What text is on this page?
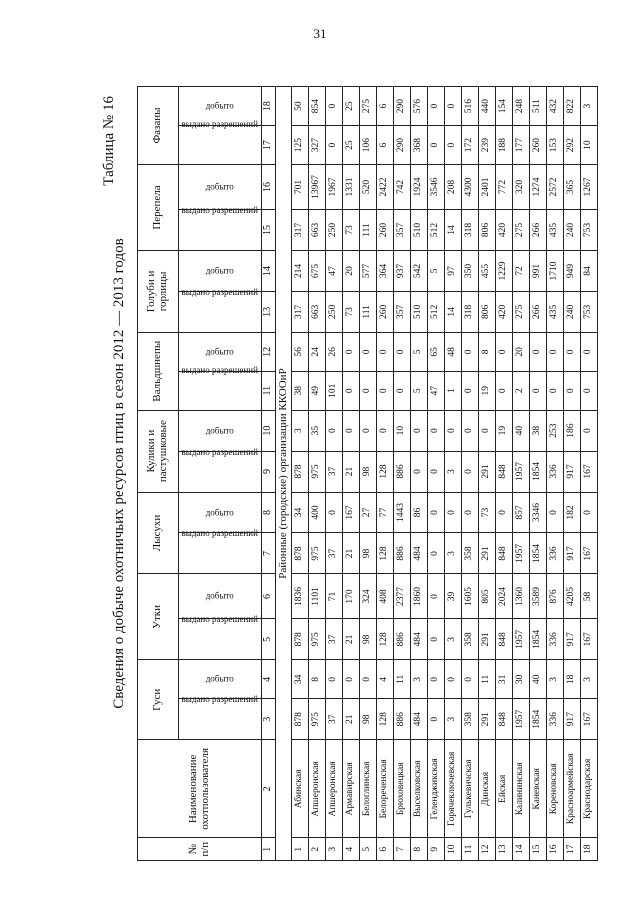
31
Таблица № 16
Сведения о добыче охотничьих ресурсов птиц в сезон 2012 — 2013 годов
№ п/п	Наименование охотпользователя	Гуси		Утки		Лысухи		Кулики и пастушковые		Вальдшнепы		Голуби и горлицы		Перепела		Фазаны	
		выдано разрешений	добыто	выдано разрешений	добыто	выдано разрешений	добыто	выдано разрешений	добыто	выдано разрешений	добыто	выдано разрешений	добыто	выдано разрешений	добыто	выдано разрешений	добыто
1	2	3	4	5	6	7	8	9	10	11	12	13	14	15	16	17	18
Районные (городские) организации ККООиР																	
1	Абинская	878	34	878	1836	878	34	878	3	38	56	317	214	317	701	125	50
2	Апшеронская	975	8	975	1101	975	400	975	35	49	24	663	675	663	13967	327	854
3	Апшеронская	37	0	37	71	37	0	37	0	101	26	250	47	250	1967	0	0
4	Армавирская	21	0	21	170	21	167	21	0	0	0	73	20	73	1331	25	25
5	Белоглинская	98	0	98	324	98	27	98	0	0	0	111	577	111	520	106	275
6	Белореченская	128	4	128	408	128	77	128	0	0	0	260	364	260	2422	6	6
7	Брюховецкая	886	11	886	2377	886	1443	886	10	0	0	357	937	357	742	290	290
8	Выселковская	484	3	484	1860	484	86	0	0	5	5	510	542	510	1924	368	576
9	Геленджикская	0	0	0	0	0	0	0	0	47	65	512	5	512	3546	0	0
10	Горячеключевская	3	0	3	39	3	0	3	0	1	48	14	97	14	208	0	0
11	Гулькевичская	358	0	358	1605	358	0	0	0	0	0	318	350	318	4300	172	516
12	Динская	291	11	291	805	291	73	291	0	19	8	806	455	806	2401	239	440
13	Ейская	848	31	848	2024	848	0	848	19	0	0	420	1229	420	772	188	154
14	Калининская	1957	30	1957	1360	1957	857	1957	40	2	20	275	72	275	320	177	248
15	Каневская	1854	40	1854	3589	1854	3346	1854	38	0	0	266	991	266	1274	260	511
16	Кореновская	336	3	336	876	336	0	336	253	0	0	435	1710	435	2572	153	432
17	Красноармейская	917	18	917	4205	917	182	917	186	0	0	240	949	240	365	292	822
18	Краснодарская	167	3	167	58	167	0	167	0	0	0	753	84	753	1267	10	3
